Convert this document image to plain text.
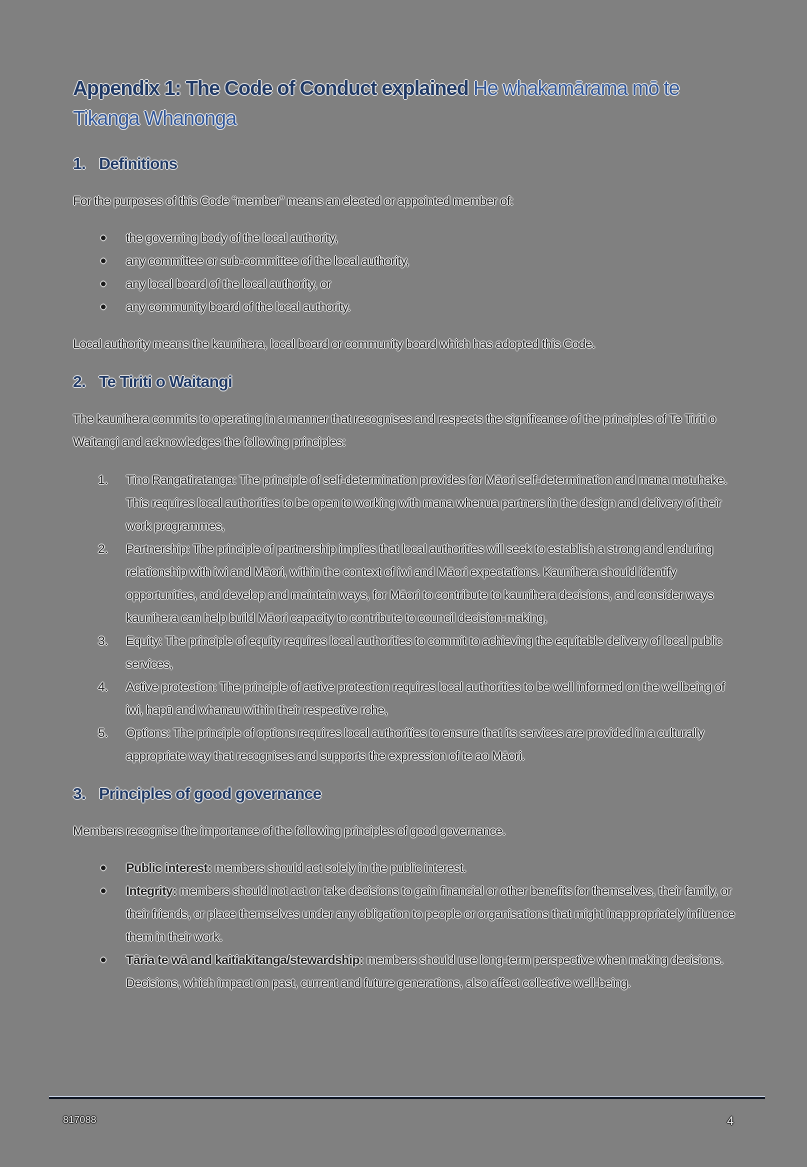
Appendix 1: The Code of Conduct explained He whakamārama mō te Tikanga Whanonga
1. Definitions

For the purposes of this Code “member” means an elected or appointed member of:

● the governing body of the local authority,
● any committee or sub-committee of the local authority,
● any local board of the local authority, or
● any community board of the local authority.

Local authority means the kaunihera, local board or community board which has adopted this Code.

2. Te Tiriti o Waitangi

The kaunihera commits to operating in a manner that recognises and respects the significance of the principles of Te Tiriti o Waitangi and acknowledges the following principles:

1. Tino Rangatiratanga: The principle of self-determination provides for Māori self-determination and mana motuhake. This requires local authorities to be open to working with mana whenua partners in the design and delivery of their work programmes,
2. Partnership: The principle of partnership implies that local authorities will seek to establish a strong and enduring relationship with iwi and Māori, within the context of iwi and Māori expectations. Kaunihera should identify opportunities, and develop and maintain ways, for Māori to contribute to kaunihera decisions, and consider ways kaunihera can help build Māori capacity to contribute to council decision-making,
3. Equity: The principle of equity requires local authorities to commit to achieving the equitable delivery of local public services,
4. Active protection: The principle of active protection requires local authorities to be well informed on the wellbeing of iwi, hapū and whanau within their respective rohe,
5. Options: The principle of options requires local authorities to ensure that its services are provided in a culturally appropriate way that recognises and supports the expression of te ao Māori.
3. Principles of good governance

Members recognise the importance of the following principles of good governance.

● Public interest: members should act solely in the public interest.
● Integrity: members should not act or take decisions to gain financial or other benefits for themselves, their family, or their friends, or place themselves under any obligation to people or organisations that might inappropriately influence them in their work.
● Tāria te wā and kaitiakitanga/stewardship: members should use long-term perspective when making decisions. Decisions, which impact on past, current and future generations, also affect collective well-being.
817088	4
